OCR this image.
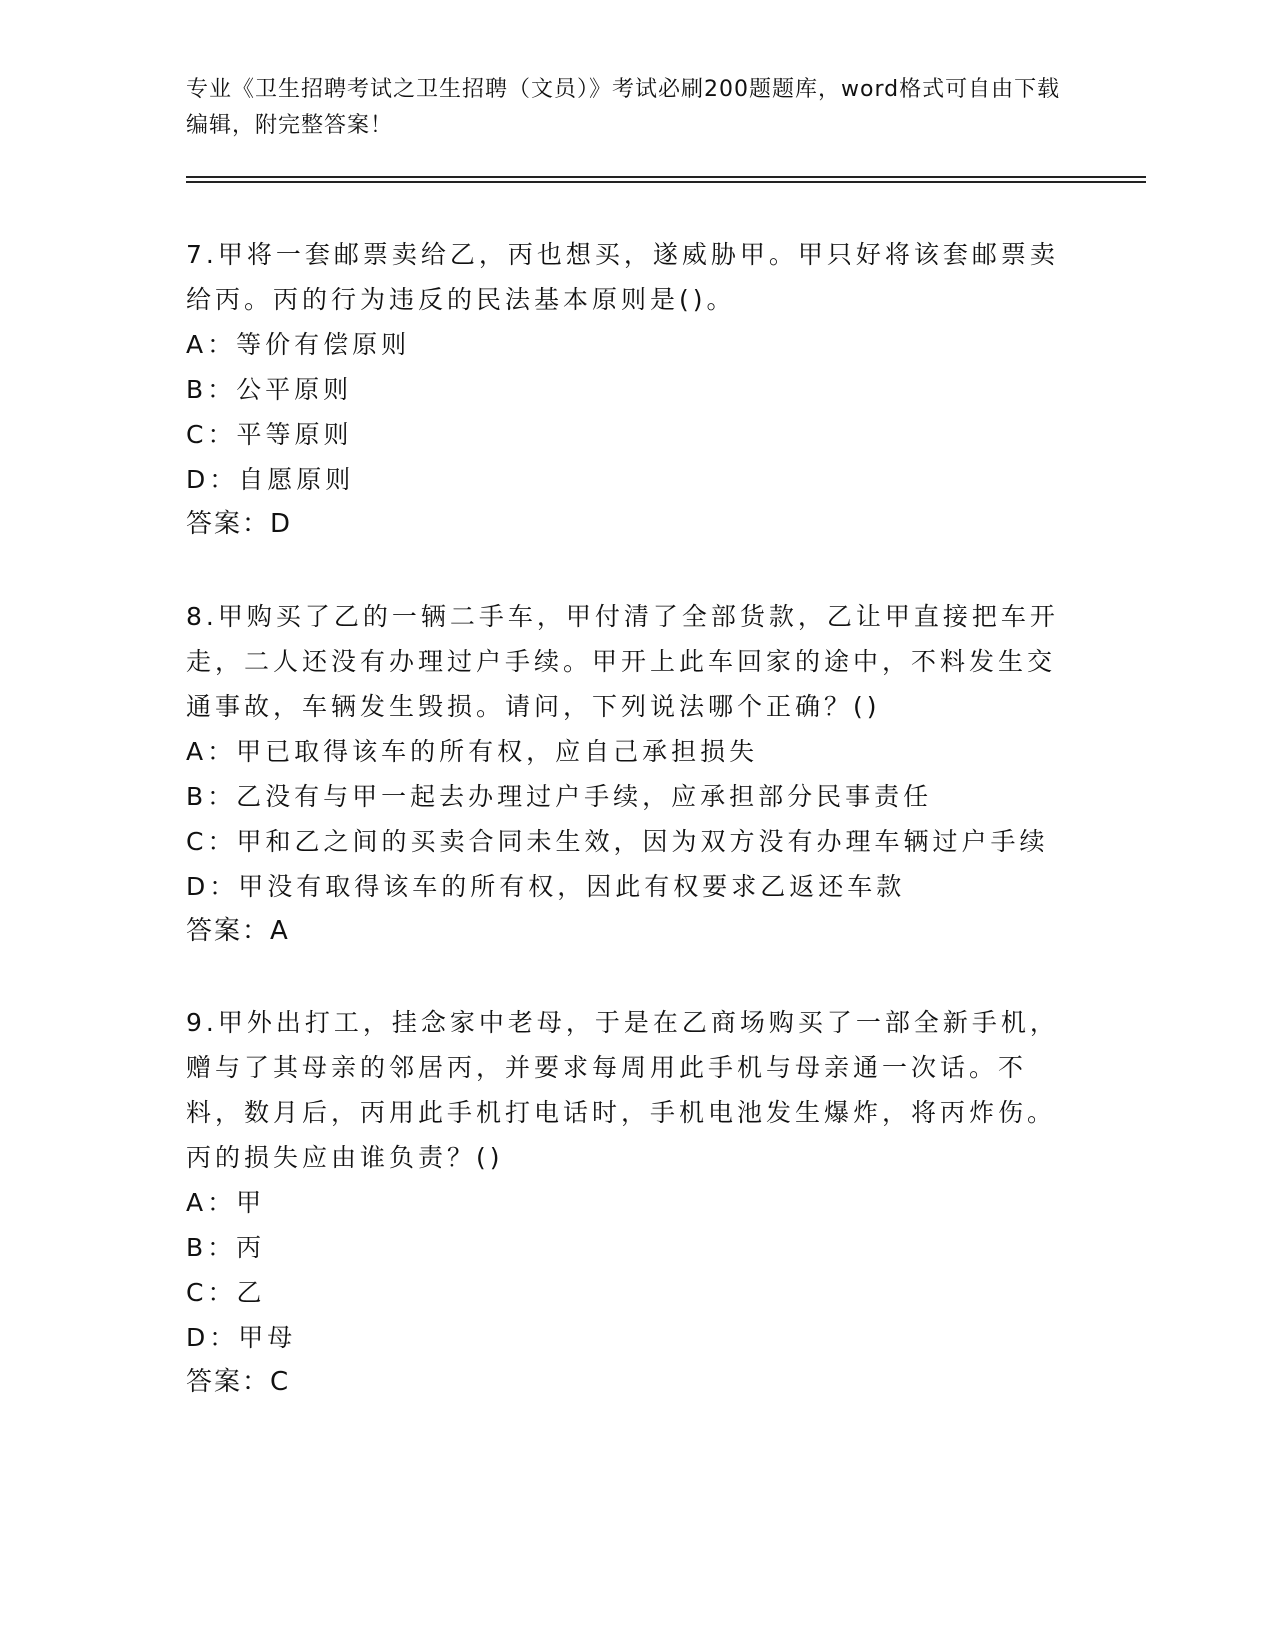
专业《卫生招聘考试之卫生招聘（文员）》考试必刷200题题库，word格式可自由下载编辑，附完整答案！
7.甲将一套邮票卖给乙，丙也想买，遂威胁甲。甲只好将该套邮票卖给丙。丙的行为违反的民法基本原则是()。
A：等价有偿原则
B：公平原则
C：平等原则
D：自愿原则
答案：D
8.甲购买了乙的一辆二手车，甲付清了全部货款，乙让甲直接把车开走，二人还没有办理过户手续。甲开上此车回家的途中，不料发生交通事故，车辆发生毁损。请问，下列说法哪个正确？()
A：甲已取得该车的所有权，应自己承担损失
B：乙没有与甲一起去办理过户手续，应承担部分民事责任
C：甲和乙之间的买卖合同未生效，因为双方没有办理车辆过户手续
D：甲没有取得该车的所有权，因此有权要求乙返还车款
答案：A
9.甲外出打工，挂念家中老母，于是在乙商场购买了一部全新手机，赠与了其母亲的邻居丙，并要求每周用此手机与母亲通一次话。不料，数月后，丙用此手机打电话时，手机电池发生爆炸，将丙炸伤。丙的损失应由谁负责？()
A：甲
B：丙
C：乙
D：甲母
答案：C
